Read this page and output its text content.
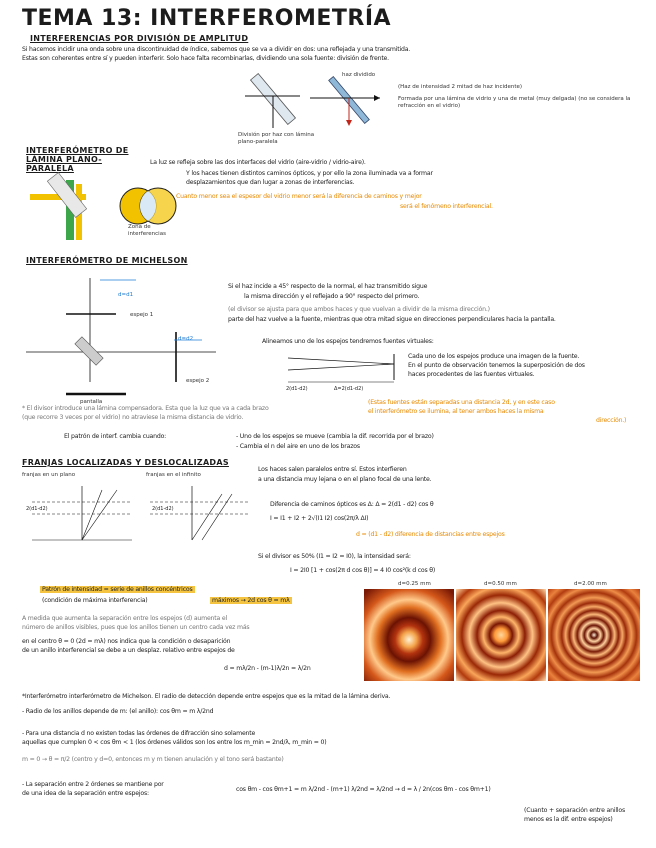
TEMA 13: INTERFEROMETRÍA
INTERFERENCIAS POR DIVISIÓN DE AMPLITUD
Si hacemos incidir una onda sobre una discontinuidad de índice, sabemos que se va a dividir en dos: una reflejada y una transmitida.
Estas son coherentes entre sí y pueden interferir. Solo hace falta recombinarlas, dividiendo una sola fuente: división de frente.
División por haz con lámina plano-paralela
haz dividido
(Haz de intensidad 2 mitad de haz incidente)
Formada por una lámina de vidrio y una de metal (muy delgada) (no se considera la refracción en el vidrio)
INTERFERÓMETRO DE LÁMINA PLANO-PARALELA
La luz se refleja sobre las dos interfaces del vidrio (aire-vidrio / vidrio-aire).
Y los haces tienen distintos caminos ópticos, y por ello la zona iluminada va a formar
desplazamientos que dan lugar a zonas de interferencias.
Cuanto menor sea el espesor del vidrio menor será la diferencia de caminos y mejor
será el fenómeno interferencial.
Zona de interferencias
INTERFERÓMETRO DE MICHELSON
espejo 1
espejo 2
d=d1
d=d2
pantalla
Si el haz incide a 45° respecto de la normal, el haz transmitido sigue
la misma dirección y el reflejado a 90° respecto del primero.
(el divisor se ajusta para que ambos haces y que vuelvan a dividir de la misma dirección.)
parte del haz vuelve a la fuente, mientras que otra mitad sigue en direcciones perpendiculares hacia la pantalla.
Alineamos uno de los espejos tendremos fuentes virtuales:
2(d1-d2)	Δ=2(d1-d2)
Cada uno de los espejos produce una imagen de la fuente.
En el punto de observación tenemos la superposición de dos
haces procedentes de las fuentes virtuales.
(Estas fuentes están separadas una distancia 2d, y en este caso
el interferómetro se ilumina, al tener ambos haces la misma
dirección.)
* El divisor introduce una lámina compensadora. Esta que la luz que va a cada brazo
(que recorre 3 veces por el vidrio) no atraviese la misma distancia de vidrio.
El patrón de interf. cambia cuando:	- Uno de los espejos se mueve (cambia la dif. recorrida por el brazo)
- Cambia el n del aire en uno de los brazos
FRANJAS LOCALIZADAS Y DESLOCALIZADAS
franjas en un plano	franjas en el infinito
2(d1-d2)	2(d1-d2)
Los haces salen paralelos entre sí. Estos interfieren
a una distancia muy lejana o en el plano focal de una lente.
Diferencia de caminos ópticos es Δ: Δ = 2(d1 - d2) cos θ
I = I1 + I2 + 2√(I1 I2) cos(2π/λ ΔI)
d = (d1 - d2) diferencia de distancias entre espejos
Si el divisor es 50% (I1 = I2 = I0), la intensidad será:
I = 2I0 [1 + cos(2π d cos θ)] = 4 I0 cos²(k d cos θ)
Patrón de intensidad = serie de anillos concéntricos
(condición de máxima interferencia)	máximos → 2d cos θ = mλ
A medida que aumenta la separación entre los espejos (d) aumenta el
número de anillos visibles, pues que los anillos tienen un centro cada vez más
en el centro θ = 0 (2d = mλ) nos indica que la condición o desaparición
de un anillo interferencial se debe a un desplaz. relativo entre espejos de
d = mλ/2n - (m-1)λ/2n = λ/2n
d=0.25 mm	d=0.50 mm	d=2.00 mm
*Interferómetro interferómetro de Michelson. El radio de detección depende entre espejos que es la mitad de la lámina deriva.
- Radio de los anillos depende de m: (el anillo): cos θm = m λ/2nd
- Para una distancia d no existen todas las órdenes de difracción sino solamente
aquellas que cumplen 0 < cos θm < 1 (los órdenes válidos son los entre los m_min = 2nd/λ, m_min = 0)
m = 0 → θ = π/2 (centro y d=0, entonces m y m tienen anulación y el tono será bastante)
- La separación entre 2 órdenes se mantiene por
de una idea de la separación entre espejos:
cos θm - cos θm+1 = m λ/2nd - (m+1) λ/2nd = λ/2nd → d = λ / 2n(cos θm - cos θm+1)
(Cuanto + separación entre anillos menos es la dif. entre espejos)
